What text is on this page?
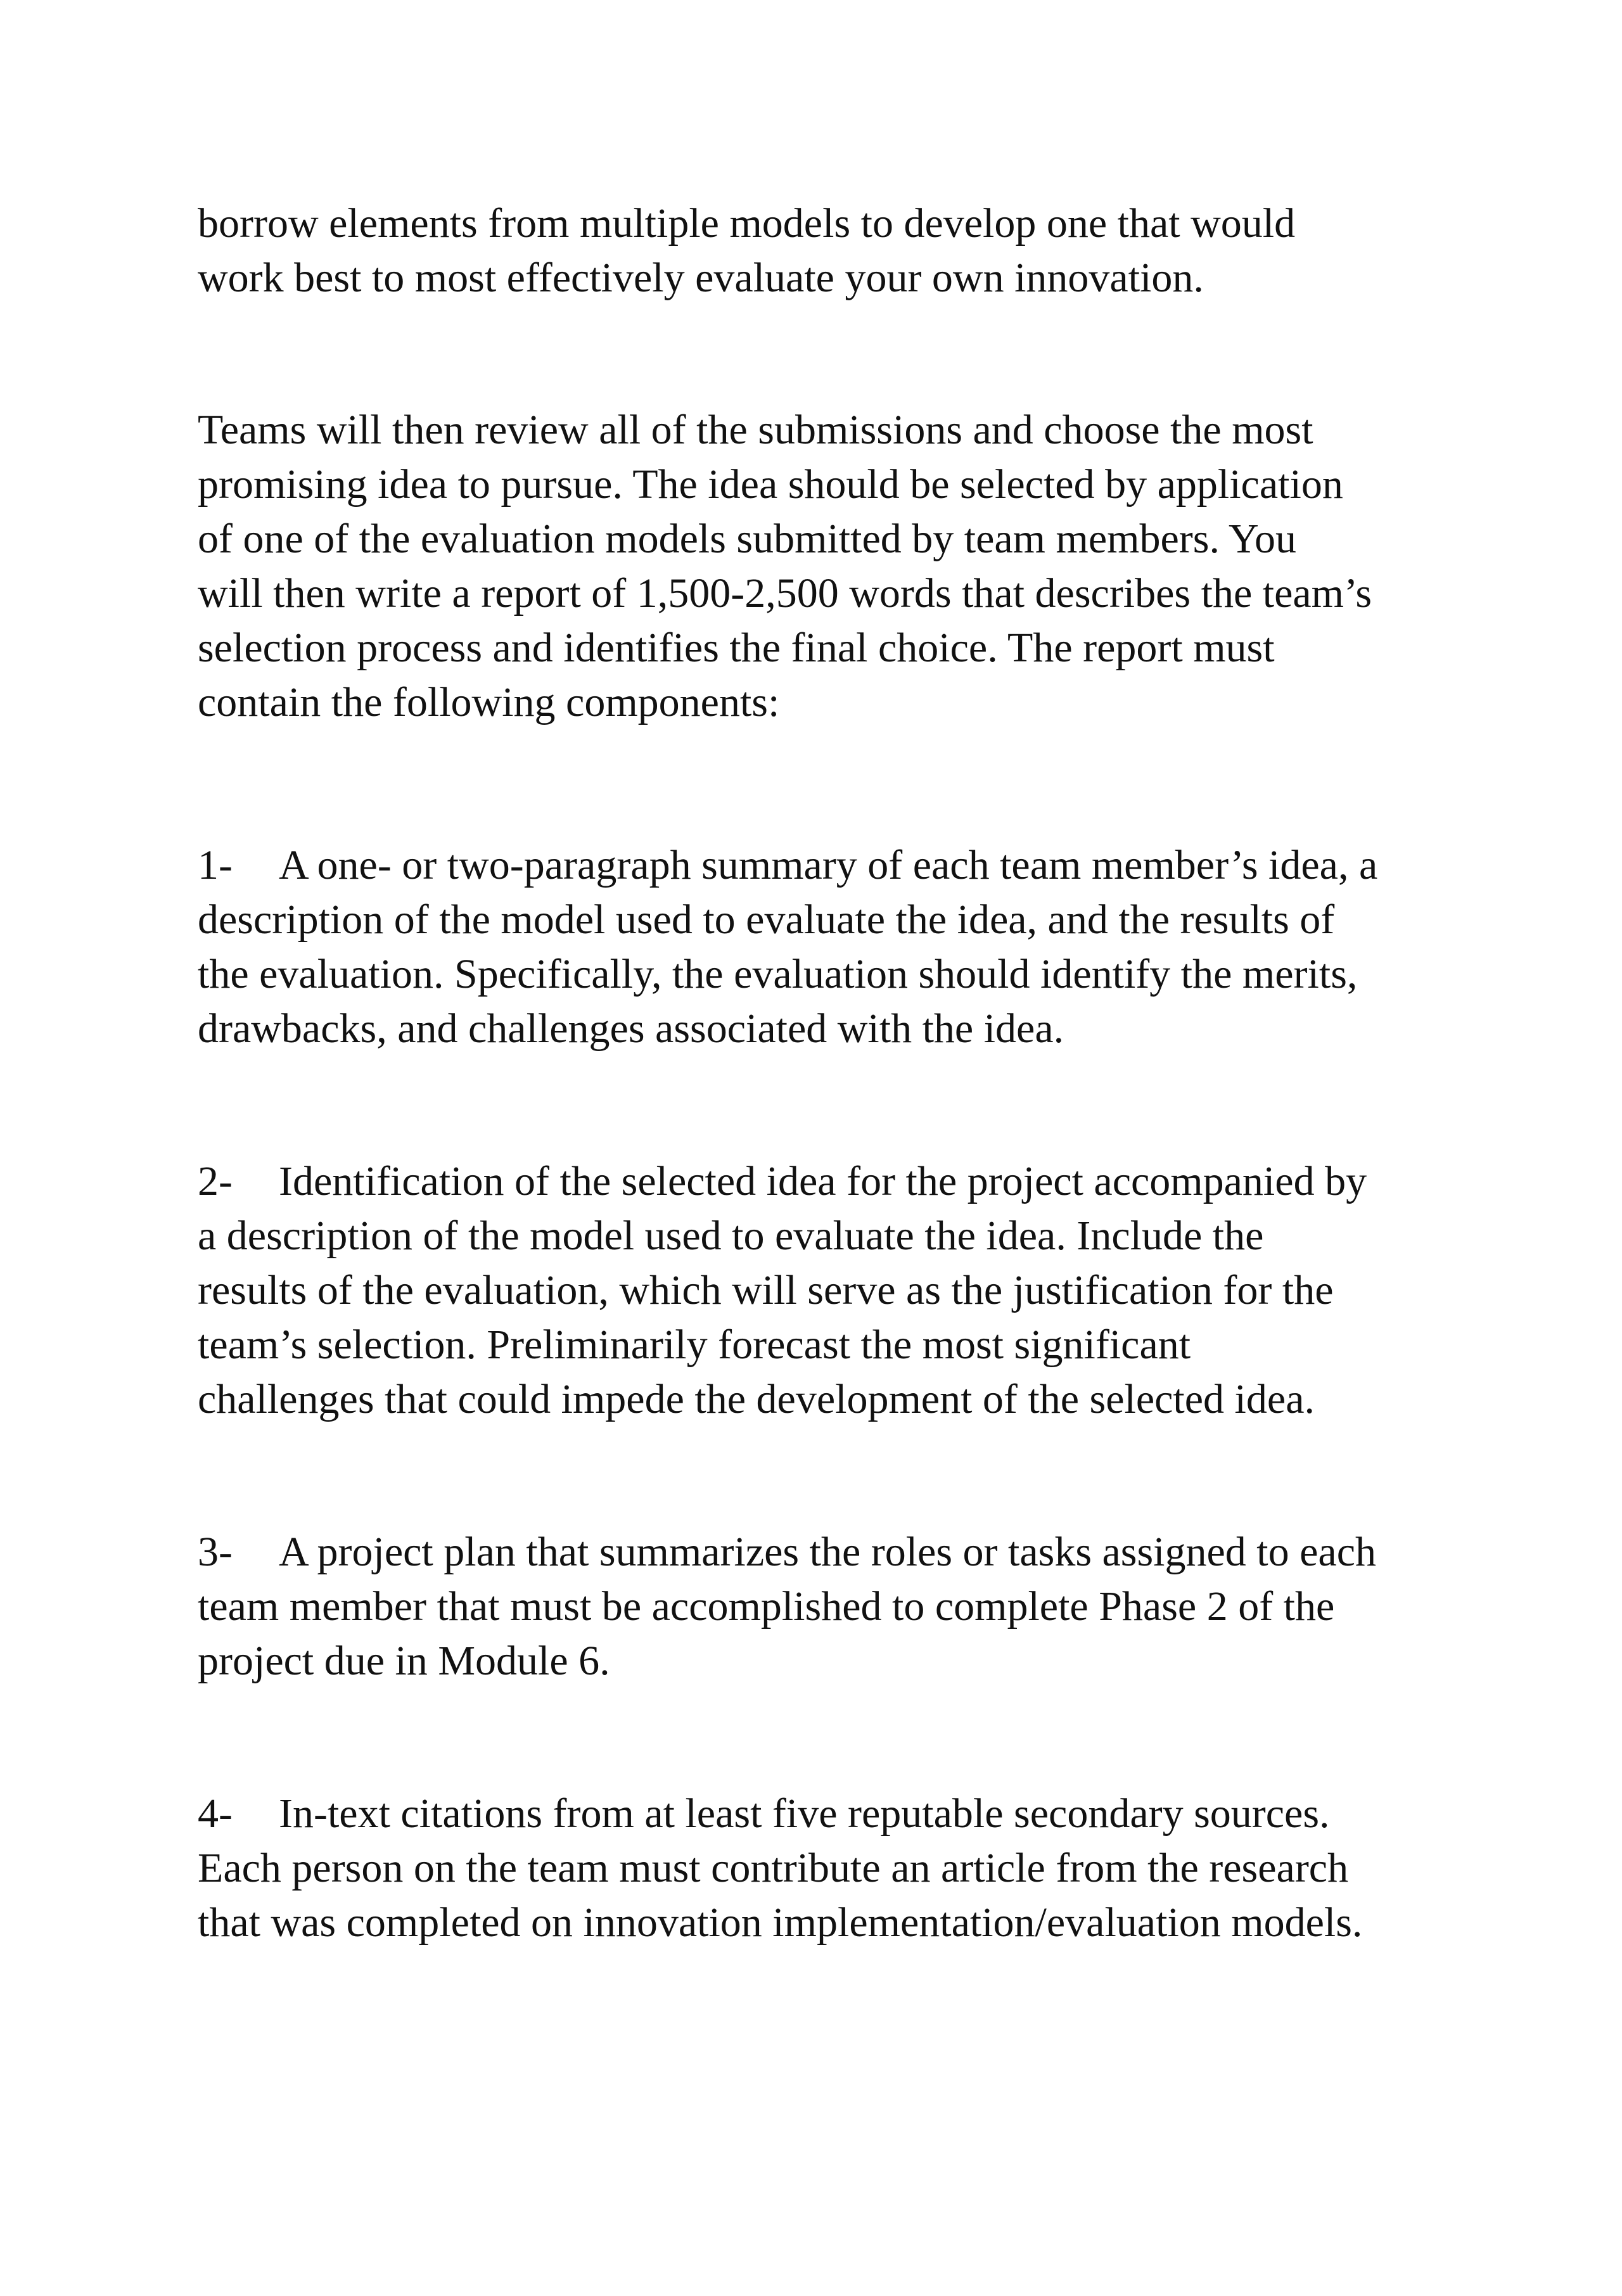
borrow elements from multiple models to develop one that would
work best to most effectively evaluate your own innovation.

Teams will then review all of the submissions and choose the most
promising idea to pursue. The idea should be selected by application
of one of the evaluation models submitted by team members. You
will then write a report of 1,500-2,500 words that describes the team’s
selection process and identifies the final choice. The report must
contain the following components:

1- A one- or two-paragraph summary of each team member’s idea, a
description of the model used to evaluate the idea, and the results of
the evaluation. Specifically, the evaluation should identify the merits,
drawbacks, and challenges associated with the idea.
2- Identification of the selected idea for the project accompanied by
a description of the model used to evaluate the idea. Include the
results of the evaluation, which will serve as the justification for the
team’s selection. Preliminarily forecast the most significant
challenges that could impede the development of the selected idea.
3- A project plan that summarizes the roles or tasks assigned to each
team member that must be accomplished to complete Phase 2 of the
project due in Module 6.
4- In-text citations from at least five reputable secondary sources.
Each person on the team must contribute an article from the research
that was completed on innovation implementation/evaluation models.
